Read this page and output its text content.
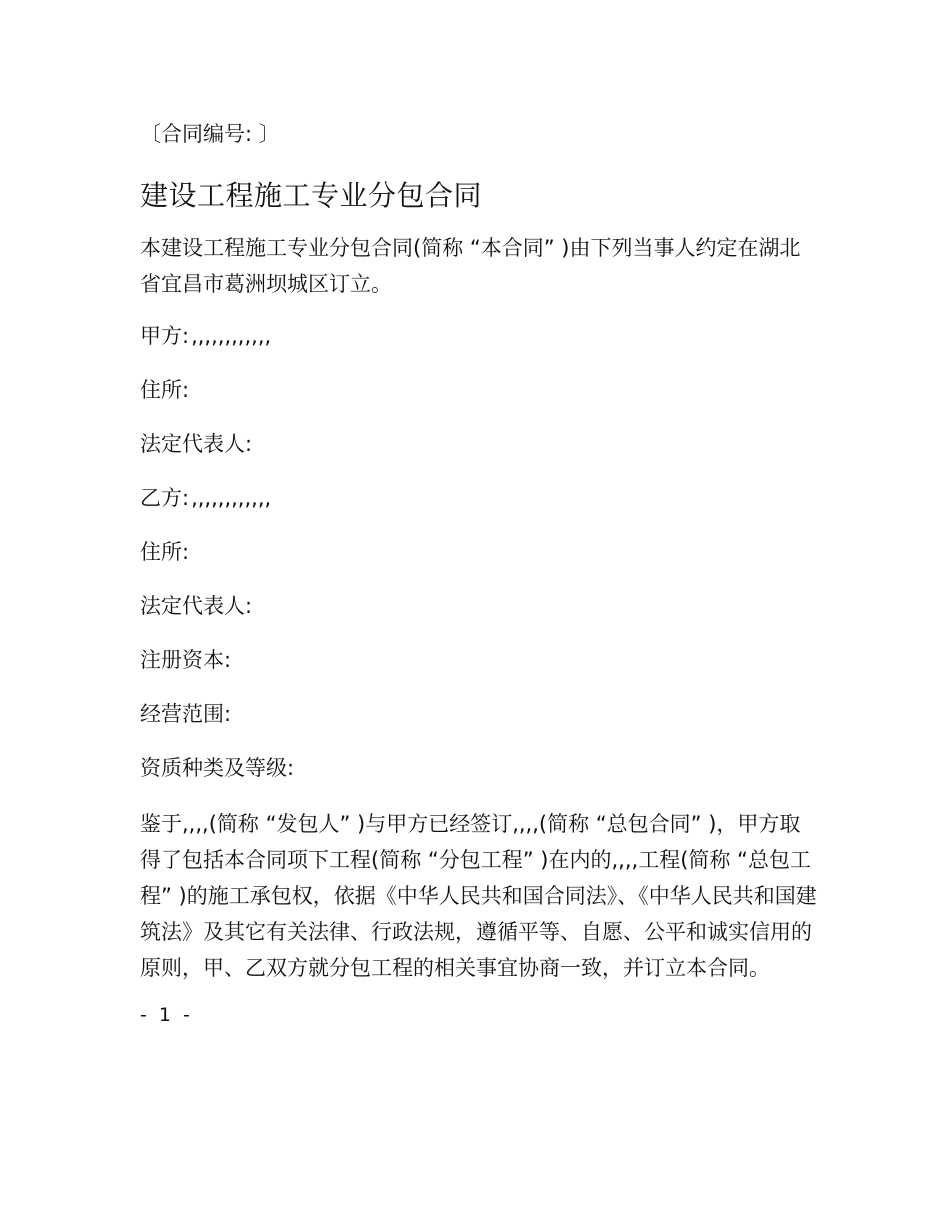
〔合同编号: 〕
建设工程施工专业分包合同

本建设工程施工专业分包合同(简称 “本合同” )由下列当事人约定在湖北省宜昌市葛洲坝城区订立。

甲方:,,,,,,,,,,,,
住所:
法定代表人:
乙方:,,,,,,,,,,,,
住所:
法定代表人:
注册资本:
经营范围:
资质种类及等级:

鉴于,,,,(简称 “发包人” )与甲方已经签订,,,,(简称 “总包合同” )，甲方取得了包括本合同项下工程(简称 “分包工程” )在内的,,,,工程(简称 “总包工程” )的施工承包权，依据《中华人民共和国合同法》、《中华人民共和国建筑法》及其它有关法律、行政法规，遵循平等、自愿、公平和诚实信用的原则，甲、乙双方就分包工程的相关事宜协商一致，并订立本合同。

- 1 -
